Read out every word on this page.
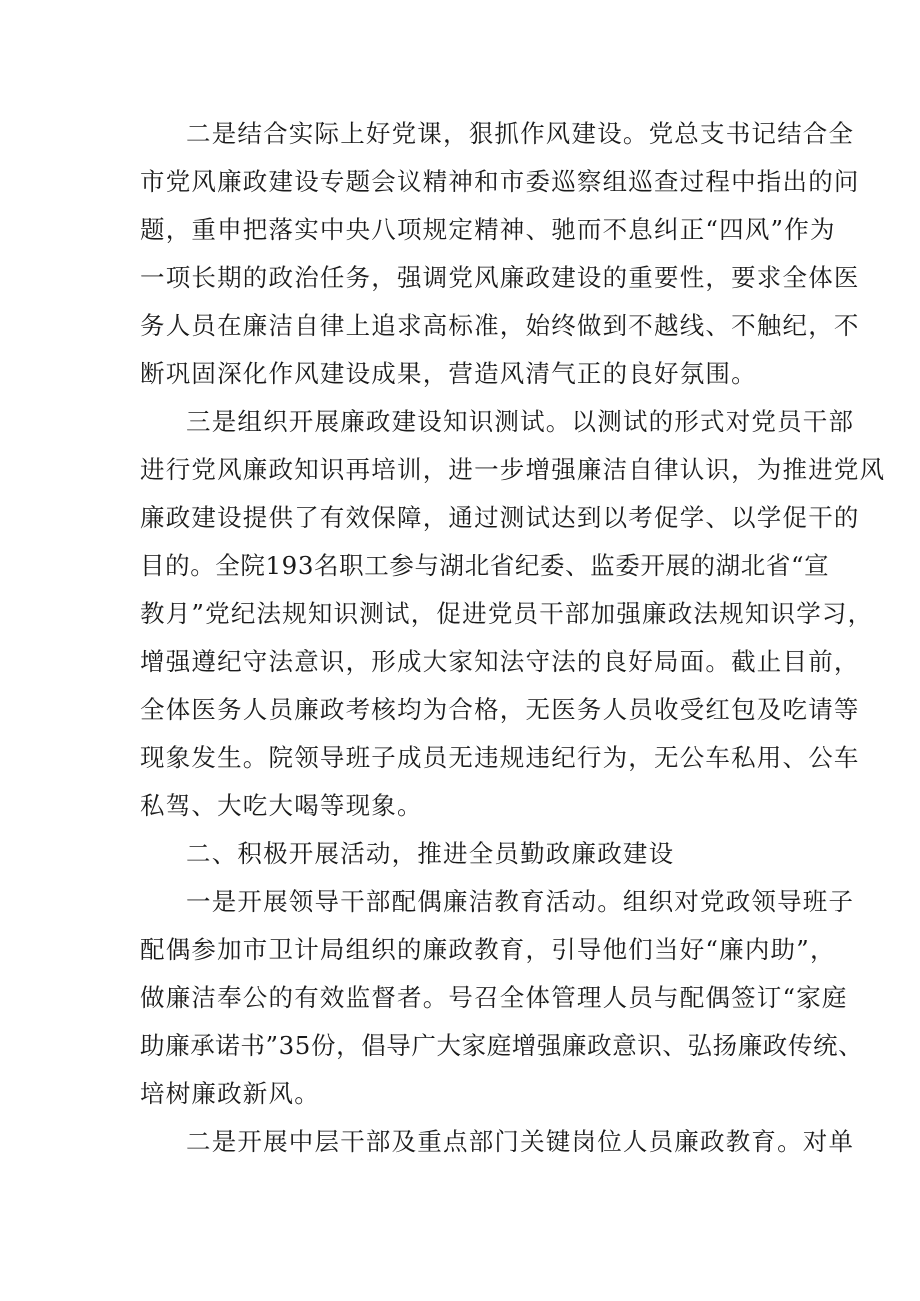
二是结合实际上好党课，狠抓作风建设。党总支书记结合全
市党风廉政建设专题会议精神和市委巡察组巡查过程中指出的问
题，重申把落实中央八项规定精神、驰而不息纠正“四风”作为
一项长期的政治任务，强调党风廉政建设的重要性，要求全体医
务人员在廉洁自律上追求高标准，始终做到不越线、不触纪，不
断巩固深化作风建设成果，营造风清气正的良好氛围。
三是组织开展廉政建设知识测试。以测试的形式对党员干部
进行党风廉政知识再培训，进一步增强廉洁自律认识，为推进党风
廉政建设提供了有效保障，通过测试达到以考促学、以学促干的
目的。全院193名职工参与湖北省纪委、监委开展的湖北省“宣
教月”党纪法规知识测试，促进党员干部加强廉政法规知识学习，
增强遵纪守法意识，形成大家知法守法的良好局面。截止目前，
全体医务人员廉政考核均为合格，无医务人员收受红包及吃请等
现象发生。院领导班子成员无违规违纪行为，无公车私用、公车
私驾、大吃大喝等现象。
二、积极开展活动，推进全员勤政廉政建设
一是开展领导干部配偶廉洁教育活动。组织对党政领导班子
配偶参加市卫计局组织的廉政教育，引导他们当好“廉内助”，
做廉洁奉公的有效监督者。号召全体管理人员与配偶签订“家庭
助廉承诺书”35份，倡导广大家庭增强廉政意识、弘扬廉政传统、
培树廉政新风。
二是开展中层干部及重点部门关键岗位人员廉政教育。对单
